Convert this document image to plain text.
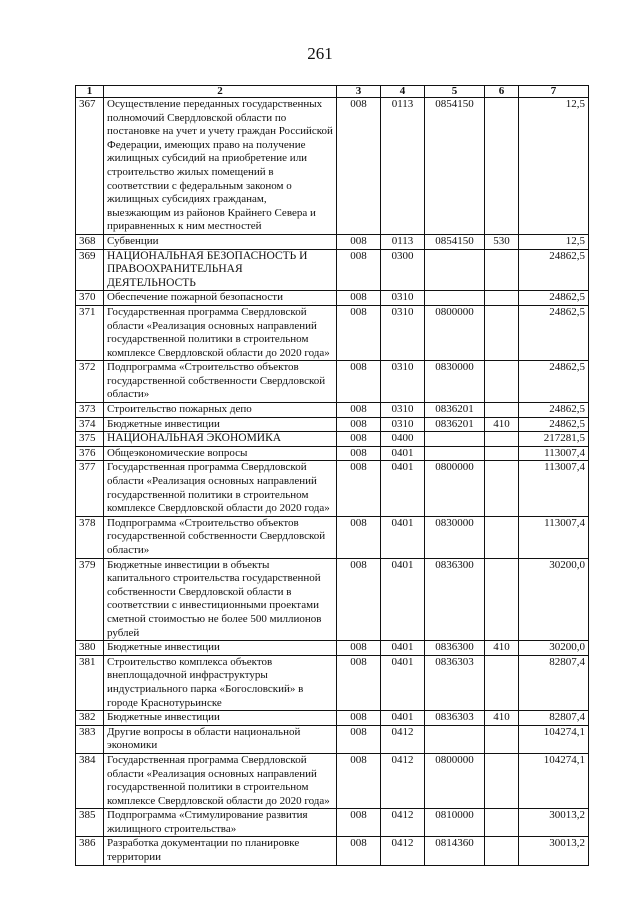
261
1	2	3	4	5	6	7
367	Осуществление переданных государственных полномочий Свердловской области по постановке на учет и учету граждан Российской Федерации, имеющих право на получение жилищных субсидий на приобретение или строительство жилых помещений в соответствии с федеральным законом о жилищных субсидиях гражданам, выезжающим из районов Крайнего Севера и приравненных к ним местностей	008	0113	0854150		12,5
368	Субвенции	008	0113	0854150	530	12,5
369	НАЦИОНАЛЬНАЯ БЕЗОПАСНОСТЬ И ПРАВООХРАНИТЕЛЬНАЯ ДЕЯТЕЛЬНОСТЬ	008	0300			24862,5
370	Обеспечение пожарной безопасности	008	0310			24862,5
371	Государственная программа Свердловской области «Реализация основных направлений государственной политики в строительном комплексе Свердловской области до 2020 года»	008	0310	0800000		24862,5
372	Подпрограмма «Строительство объектов государственной собственности Свердловской области»	008	0310	0830000		24862,5
373	Строительство пожарных депо	008	0310	0836201		24862,5
374	Бюджетные инвестиции	008	0310	0836201	410	24862,5
375	НАЦИОНАЛЬНАЯ ЭКОНОМИКА	008	0400			217281,5
376	Общеэкономические вопросы	008	0401			113007,4
377	Государственная программа Свердловской области «Реализация основных направлений государственной политики в строительном комплексе Свердловской области до 2020 года»	008	0401	0800000		113007,4
378	Подпрограмма «Строительство объектов государственной собственности Свердловской области»	008	0401	0830000		113007,4
379	Бюджетные инвестиции в объекты капитального строительства государственной собственности Свердловской области в соответствии с инвестиционными проектами сметной стоимостью не более 500 миллионов рублей	008	0401	0836300		30200,0
380	Бюджетные инвестиции	008	0401	0836300	410	30200,0
381	Строительство комплекса объектов внеплощадочной инфраструктуры индустриального парка «Богословский» в городе Краснотурьинске	008	0401	0836303		82807,4
382	Бюджетные инвестиции	008	0401	0836303	410	82807,4
383	Другие вопросы в области национальной экономики	008	0412			104274,1
384	Государственная программа Свердловской области «Реализация основных направлений государственной политики в строительном комплексе Свердловской области до 2020 года»	008	0412	0800000		104274,1
385	Подпрограмма «Стимулирование развития жилищного строительства»	008	0412	0810000		30013,2
386	Разработка документации по планировке территории	008	0412	0814360		30013,2
